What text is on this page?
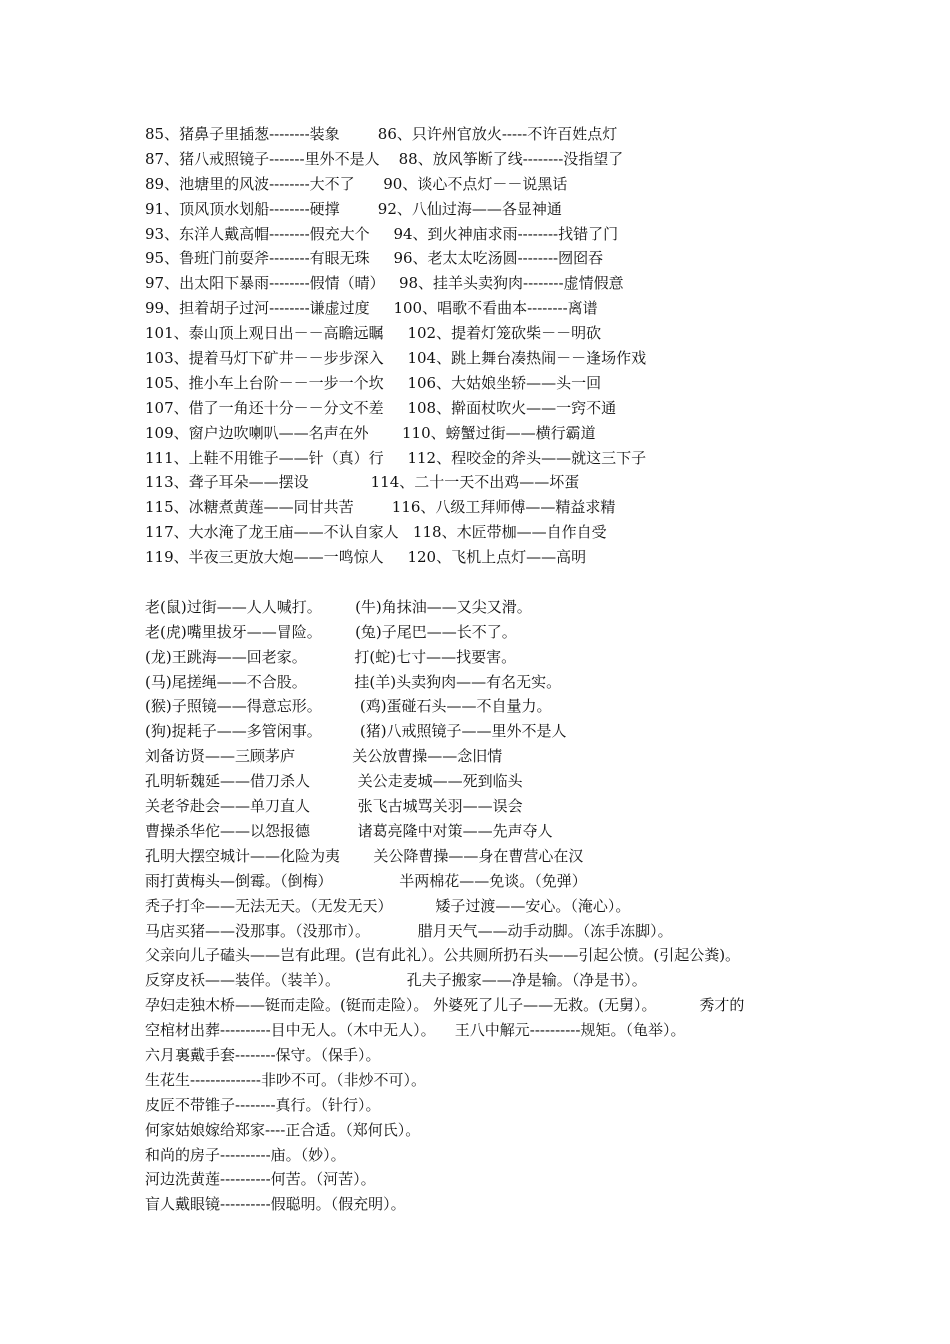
85、猪鼻子里插葱--------装象        86、只许州官放火-----不许百姓点灯
87、猪八戒照镜子-------里外不是人    88、放风筝断了线--------没指望了
89、池塘里的风波--------大不了      90、谈心不点灯－－说黑话
91、顶风顶水划船--------硬撑        92、八仙过海——各显神通
93、东洋人戴高帽--------假充大个     94、到火神庙求雨--------找错了门
95、鲁班门前耍斧--------有眼无珠     96、老太太吃汤圆--------囫囵吞
97、出太阳下暴雨--------假情（晴）   98、挂羊头卖狗肉--------虚情假意
99、担着胡子过河--------谦虚过度     100、唱歌不看曲本--------离谱
101、泰山顶上观日出－－高瞻远瞩     102、提着灯笼砍柴－－明砍
103、提着马灯下矿井－－步步深入     104、跳上舞台凑热闹－－逢场作戏
105、推小车上台阶－－一步一个坎     106、大姑娘坐轿——头一回
107、借了一角还十分－－分文不差     108、擀面杖吹火——一窍不通
109、窗户边吹喇叭——名声在外       110、螃蟹过街——横行霸道
111、上鞋不用锥子——针（真）行     112、程咬金的斧头——就这三下子
113、聋子耳朵——摆设             114、二十一天不出鸡——坏蛋
115、冰糖煮黄莲——同甘共苦        116、八级工拜师傅——精益求精
117、大水淹了龙王庙——不认自家人   118、木匠带枷——自作自受
119、半夜三更放大炮——一鸣惊人     120、飞机上点灯——高明
老(鼠)过街——人人喊打。       (牛)角抹油——又尖又滑。
老(虎)嘴里拔牙——冒险。       (兔)子尾巴——长不了。
(龙)王跳海——回老家。          打(蛇)七寸——找要害。
(马)尾搓绳——不合股。          挂(羊)头卖狗肉——有名无实。
(猴)子照镜——得意忘形。        (鸡)蛋碰石头——不自量力。
(狗)捉耗子——多管闲事。        (猪)八戒照镜子——里外不是人
刘备访贤——三顾茅庐            关公放曹操——念旧情
孔明斩魏延——借刀杀人          关公走麦城——死到临头
关老爷赴会——单刀直人          张飞古城骂关羽——误会
曹操杀华佗——以怨报德          诸葛亮隆中对策——先声夺人
孔明大摆空城计——化险为夷       关公降曹操——身在曹营心在汉
雨打黄梅头—倒霉。（倒梅）              半两棉花——免谈。（免弹）
秃子打伞——无法无天。（无发无天）         矮子过渡——安心。（淹心）。
马店买猪——没那事。（没那市）。          腊月天气——动手动脚。（冻手冻脚）。
父亲向儿子磕头——岂有此理。(岂有此礼）。公共厕所扔石头——引起公愤。(引起公粪)。
反穿皮袄——装佯。（装羊）。              孔夫子搬家——净是输。（净是书）。
孕妇走独木桥——铤而走险。(铤而走险）。 外婆死了儿子——无救。(无舅）。         秀才的
空棺材出葬----------目中无人。（木中无人）。    王八中解元----------规矩。（龟举）。
六月裏戴手套--------保守。（保手）。
生花生--------------非吵不可。（非炒不可）。
皮匠不带锥子--------真行。（针行）。
何家姑娘嫁给郑家----正合适。（郑何氏）。
和尚的房子----------庙。（妙）。
河边洗黄莲----------何苦。（河苦）。
盲人戴眼镜----------假聪明。（假充明）。
